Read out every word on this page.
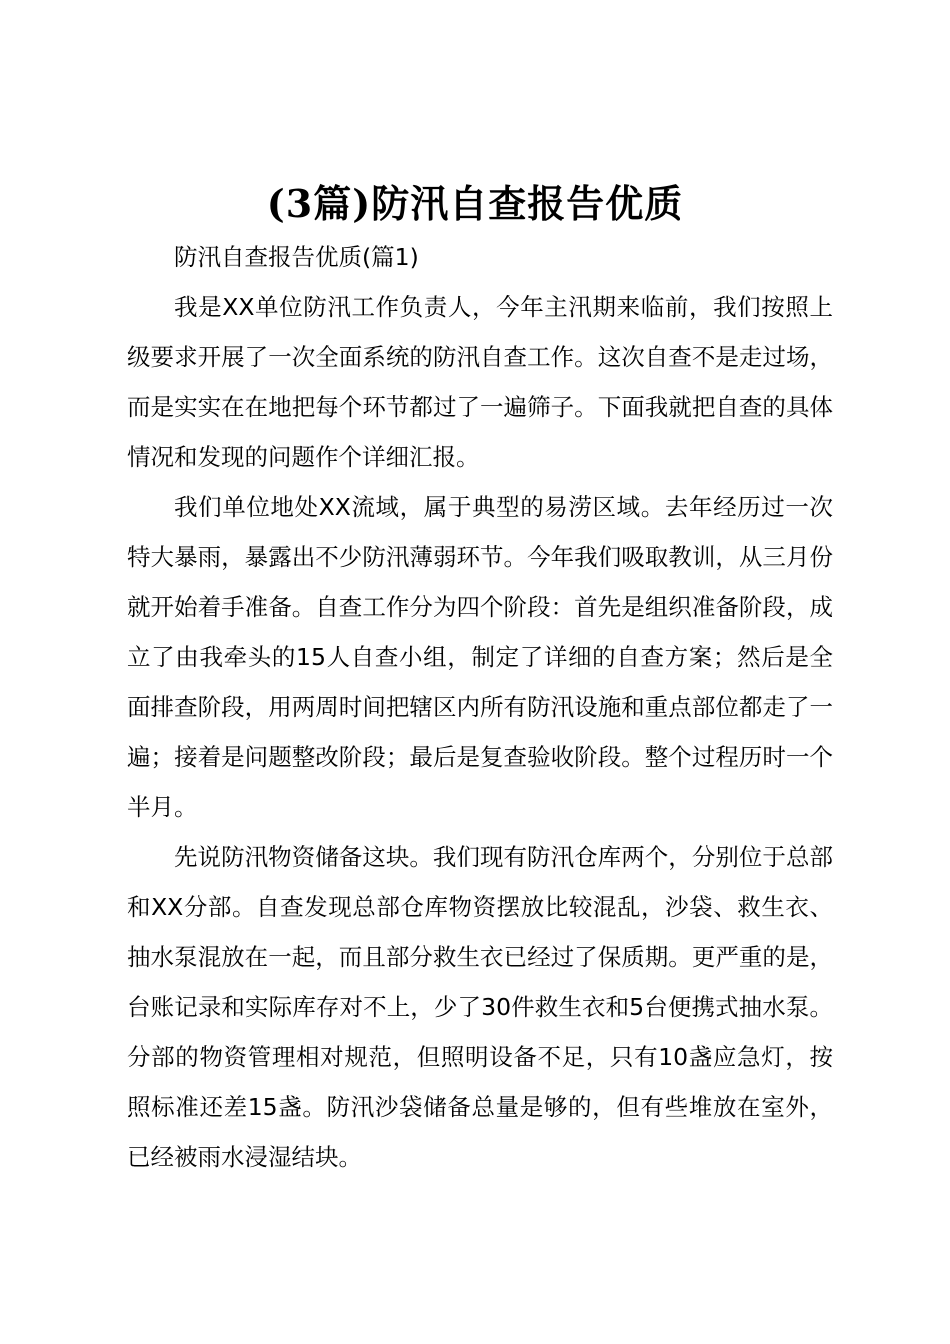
(3篇)防汛自查报告优质

防汛自查报告优质(篇1)

我是XX单位防汛工作负责人，今年主汛期来临前，我们按照上级要求开展了一次全面系统的防汛自查工作。这次自查不是走过场，而是实实在在地把每个环节都过了一遍筛子。下面我就把自查的具体情况和发现的问题作个详细汇报。

我们单位地处XX流域，属于典型的易涝区域。去年经历过一次特大暴雨，暴露出不少防汛薄弱环节。今年我们吸取教训，从三月份就开始着手准备。自查工作分为四个阶段：首先是组织准备阶段，成立了由我牵头的15人自查小组，制定了详细的自查方案；然后是全面排查阶段，用两周时间把辖区内所有防汛设施和重点部位都走了一遍；接着是问题整改阶段；最后是复查验收阶段。整个过程历时一个半月。

先说防汛物资储备这块。我们现有防汛仓库两个，分别位于总部和XX分部。自查发现总部仓库物资摆放比较混乱，沙袋、救生衣、抽水泵混放在一起，而且部分救生衣已经过了保质期。更严重的是，台账记录和实际库存对不上，少了30件救生衣和5台便携式抽水泵。分部的物资管理相对规范，但照明设备不足，只有10盏应急灯，按照标准还差15盏。防汛沙袋储备总量是够的，但有些堆放在室外，已经被雨水浸湿结块。
